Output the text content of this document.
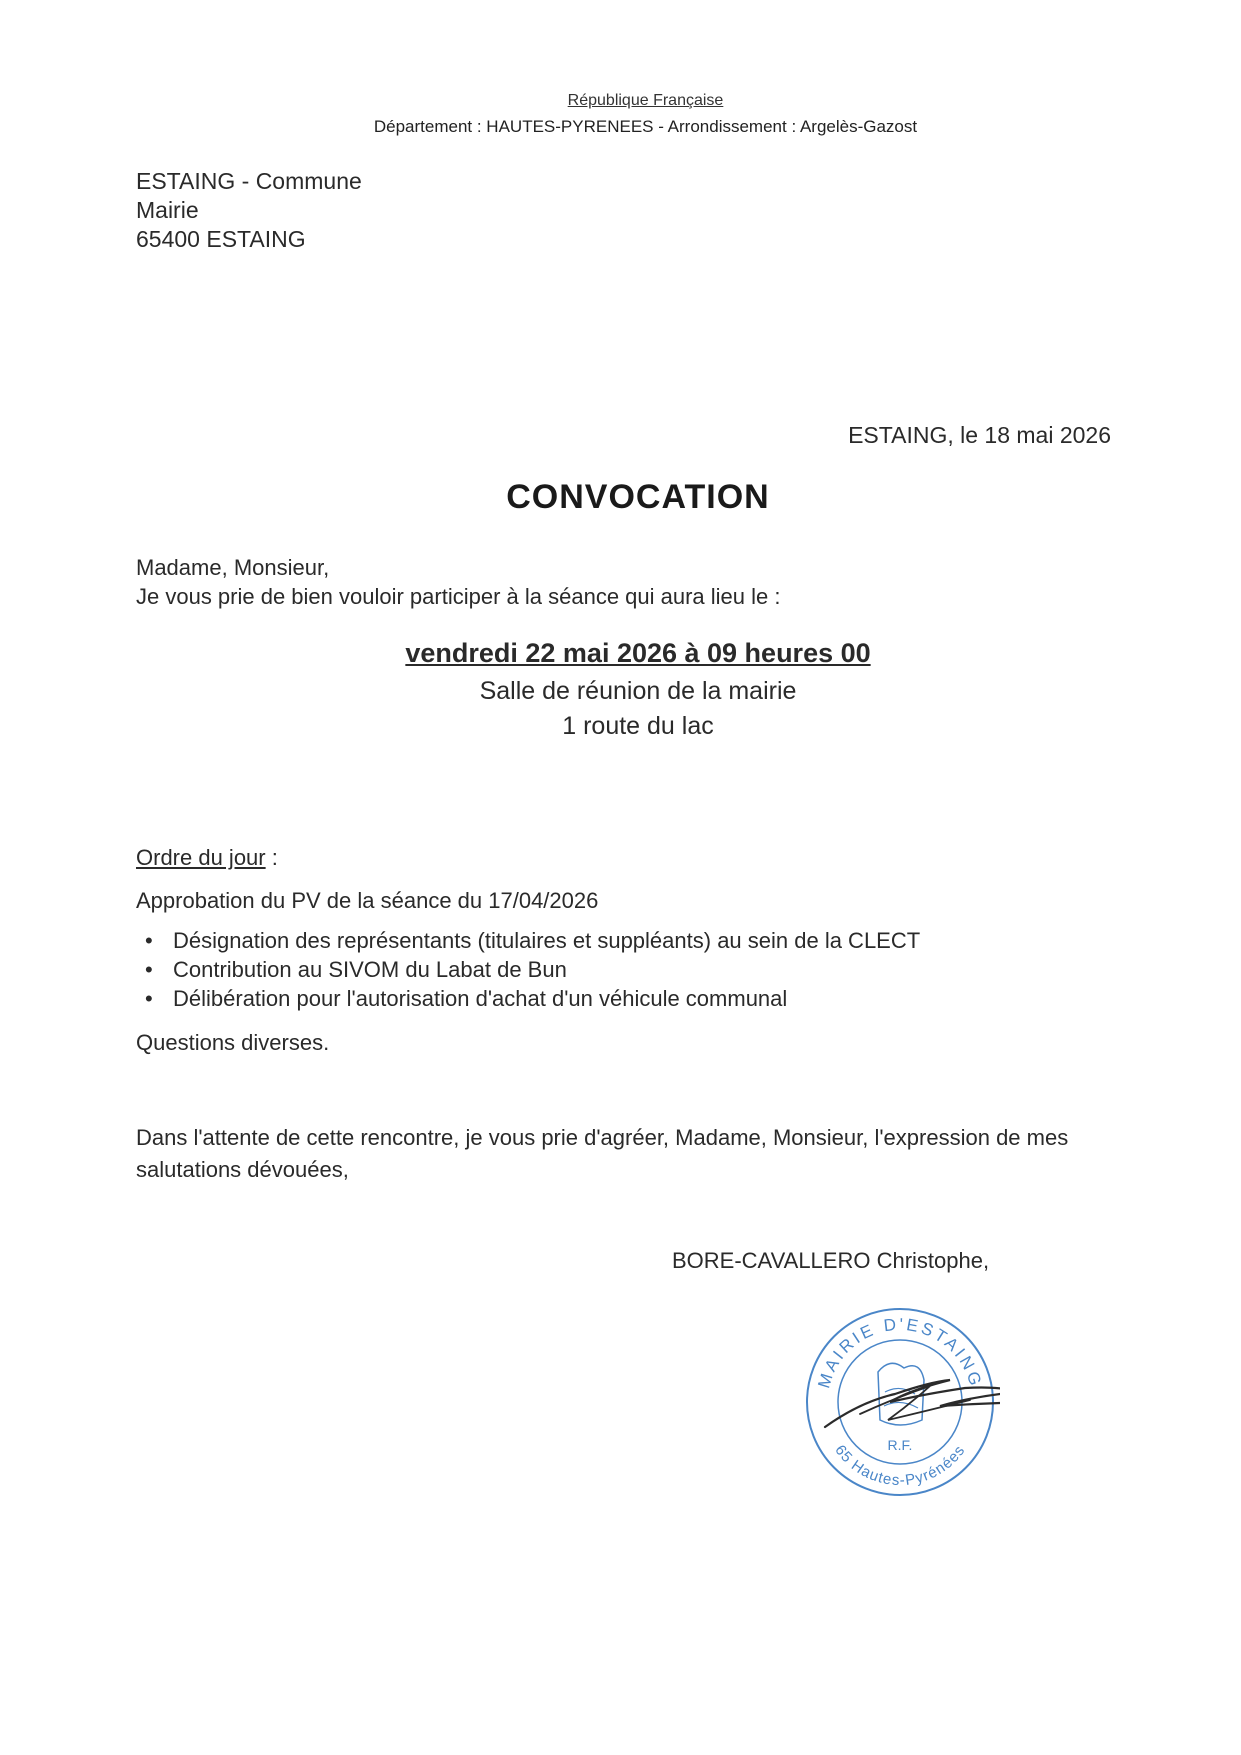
République Française
Département : HAUTES-PYRENEES - Arrondissement : Argelès-Gazost
ESTAING - Commune
Mairie
65400 ESTAING
ESTAING, le 18 mai 2026
CONVOCATION
Madame, Monsieur,
Je vous prie de bien vouloir participer à la séance qui aura lieu le :
vendredi 22 mai 2026 à 09 heures 00
Salle de réunion de la mairie
1 route du lac
Ordre du jour :
Approbation du PV de la séance du 17/04/2026
• Désignation des représentants (titulaires et suppléants) au sein de la CLECT
• Contribution au SIVOM du Labat de Bun
• Délibération pour l'autorisation d'achat d'un véhicule communal
Questions diverses.
Dans l'attente de cette rencontre, je vous prie d'agréer, Madame, Monsieur, l'expression de mes
salutations dévouées,
BORE-CAVALLERO Christophe,
MAIRIE D'ESTAING
65 Hautes-Pyrénées
R.F.
